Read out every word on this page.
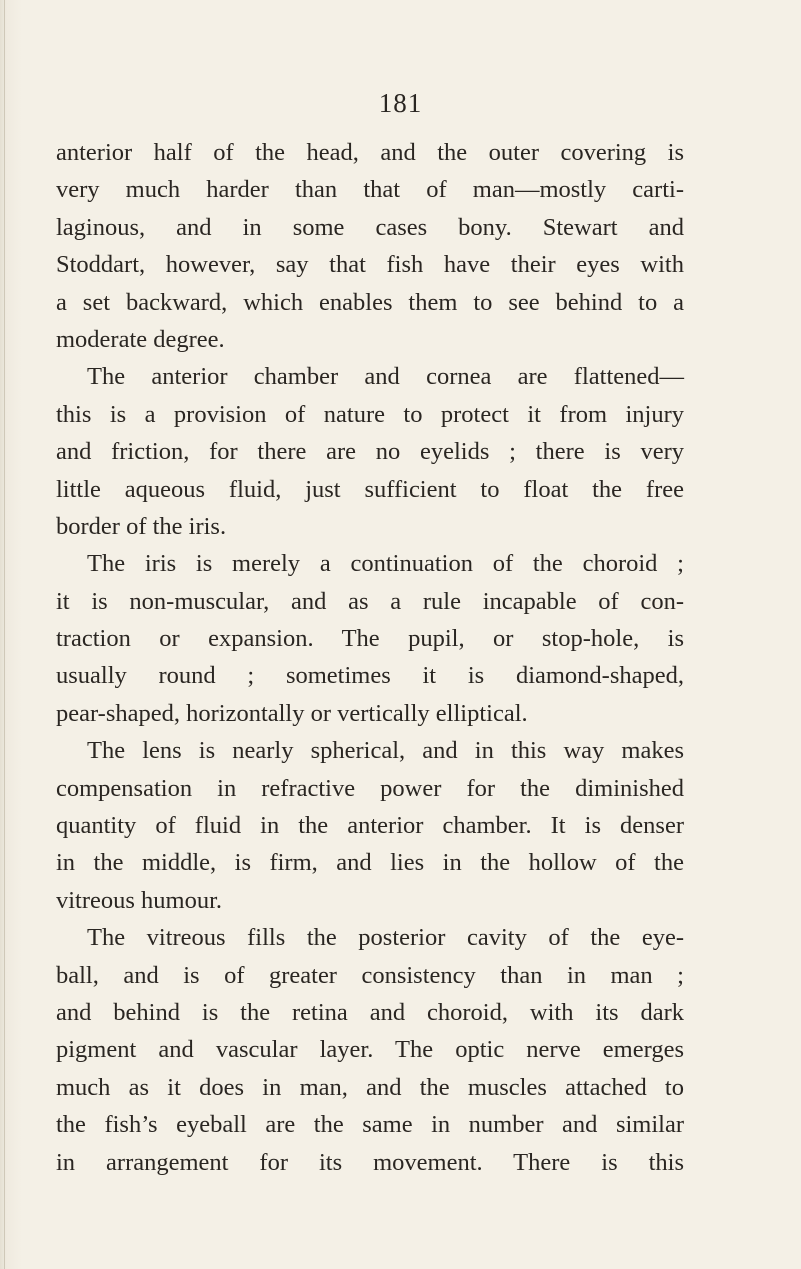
181
anterior half of the head, and the outer covering is
very much harder than that of man—mostly carti-
laginous, and in some cases bony. Stewart and
Stoddart, however, say that fish have their eyes with
a set backward, which enables them to see behind to a
moderate degree.
The anterior chamber and cornea are flattened—
this is a provision of nature to protect it from injury
and friction, for there are no eyelids ; there is very
little aqueous fluid, just sufficient to float the free
border of the iris.
The iris is merely a continuation of the choroid ;
it is non-muscular, and as a rule incapable of con-
traction or expansion. The pupil, or stop-hole, is
usually round ; sometimes it is diamond-shaped,
pear-shaped, horizontally or vertically elliptical.
The lens is nearly spherical, and in this way makes
compensation in refractive power for the diminished
quantity of fluid in the anterior chamber. It is denser
in the middle, is firm, and lies in the hollow of the
vitreous humour.
The vitreous fills the posterior cavity of the eye-
ball, and is of greater consistency than in man ;
and behind is the retina and choroid, with its dark
pigment and vascular layer. The optic nerve emerges
much as it does in man, and the muscles attached to
the fish’s eyeball are the same in number and similar
in arrangement for its movement. There is this
